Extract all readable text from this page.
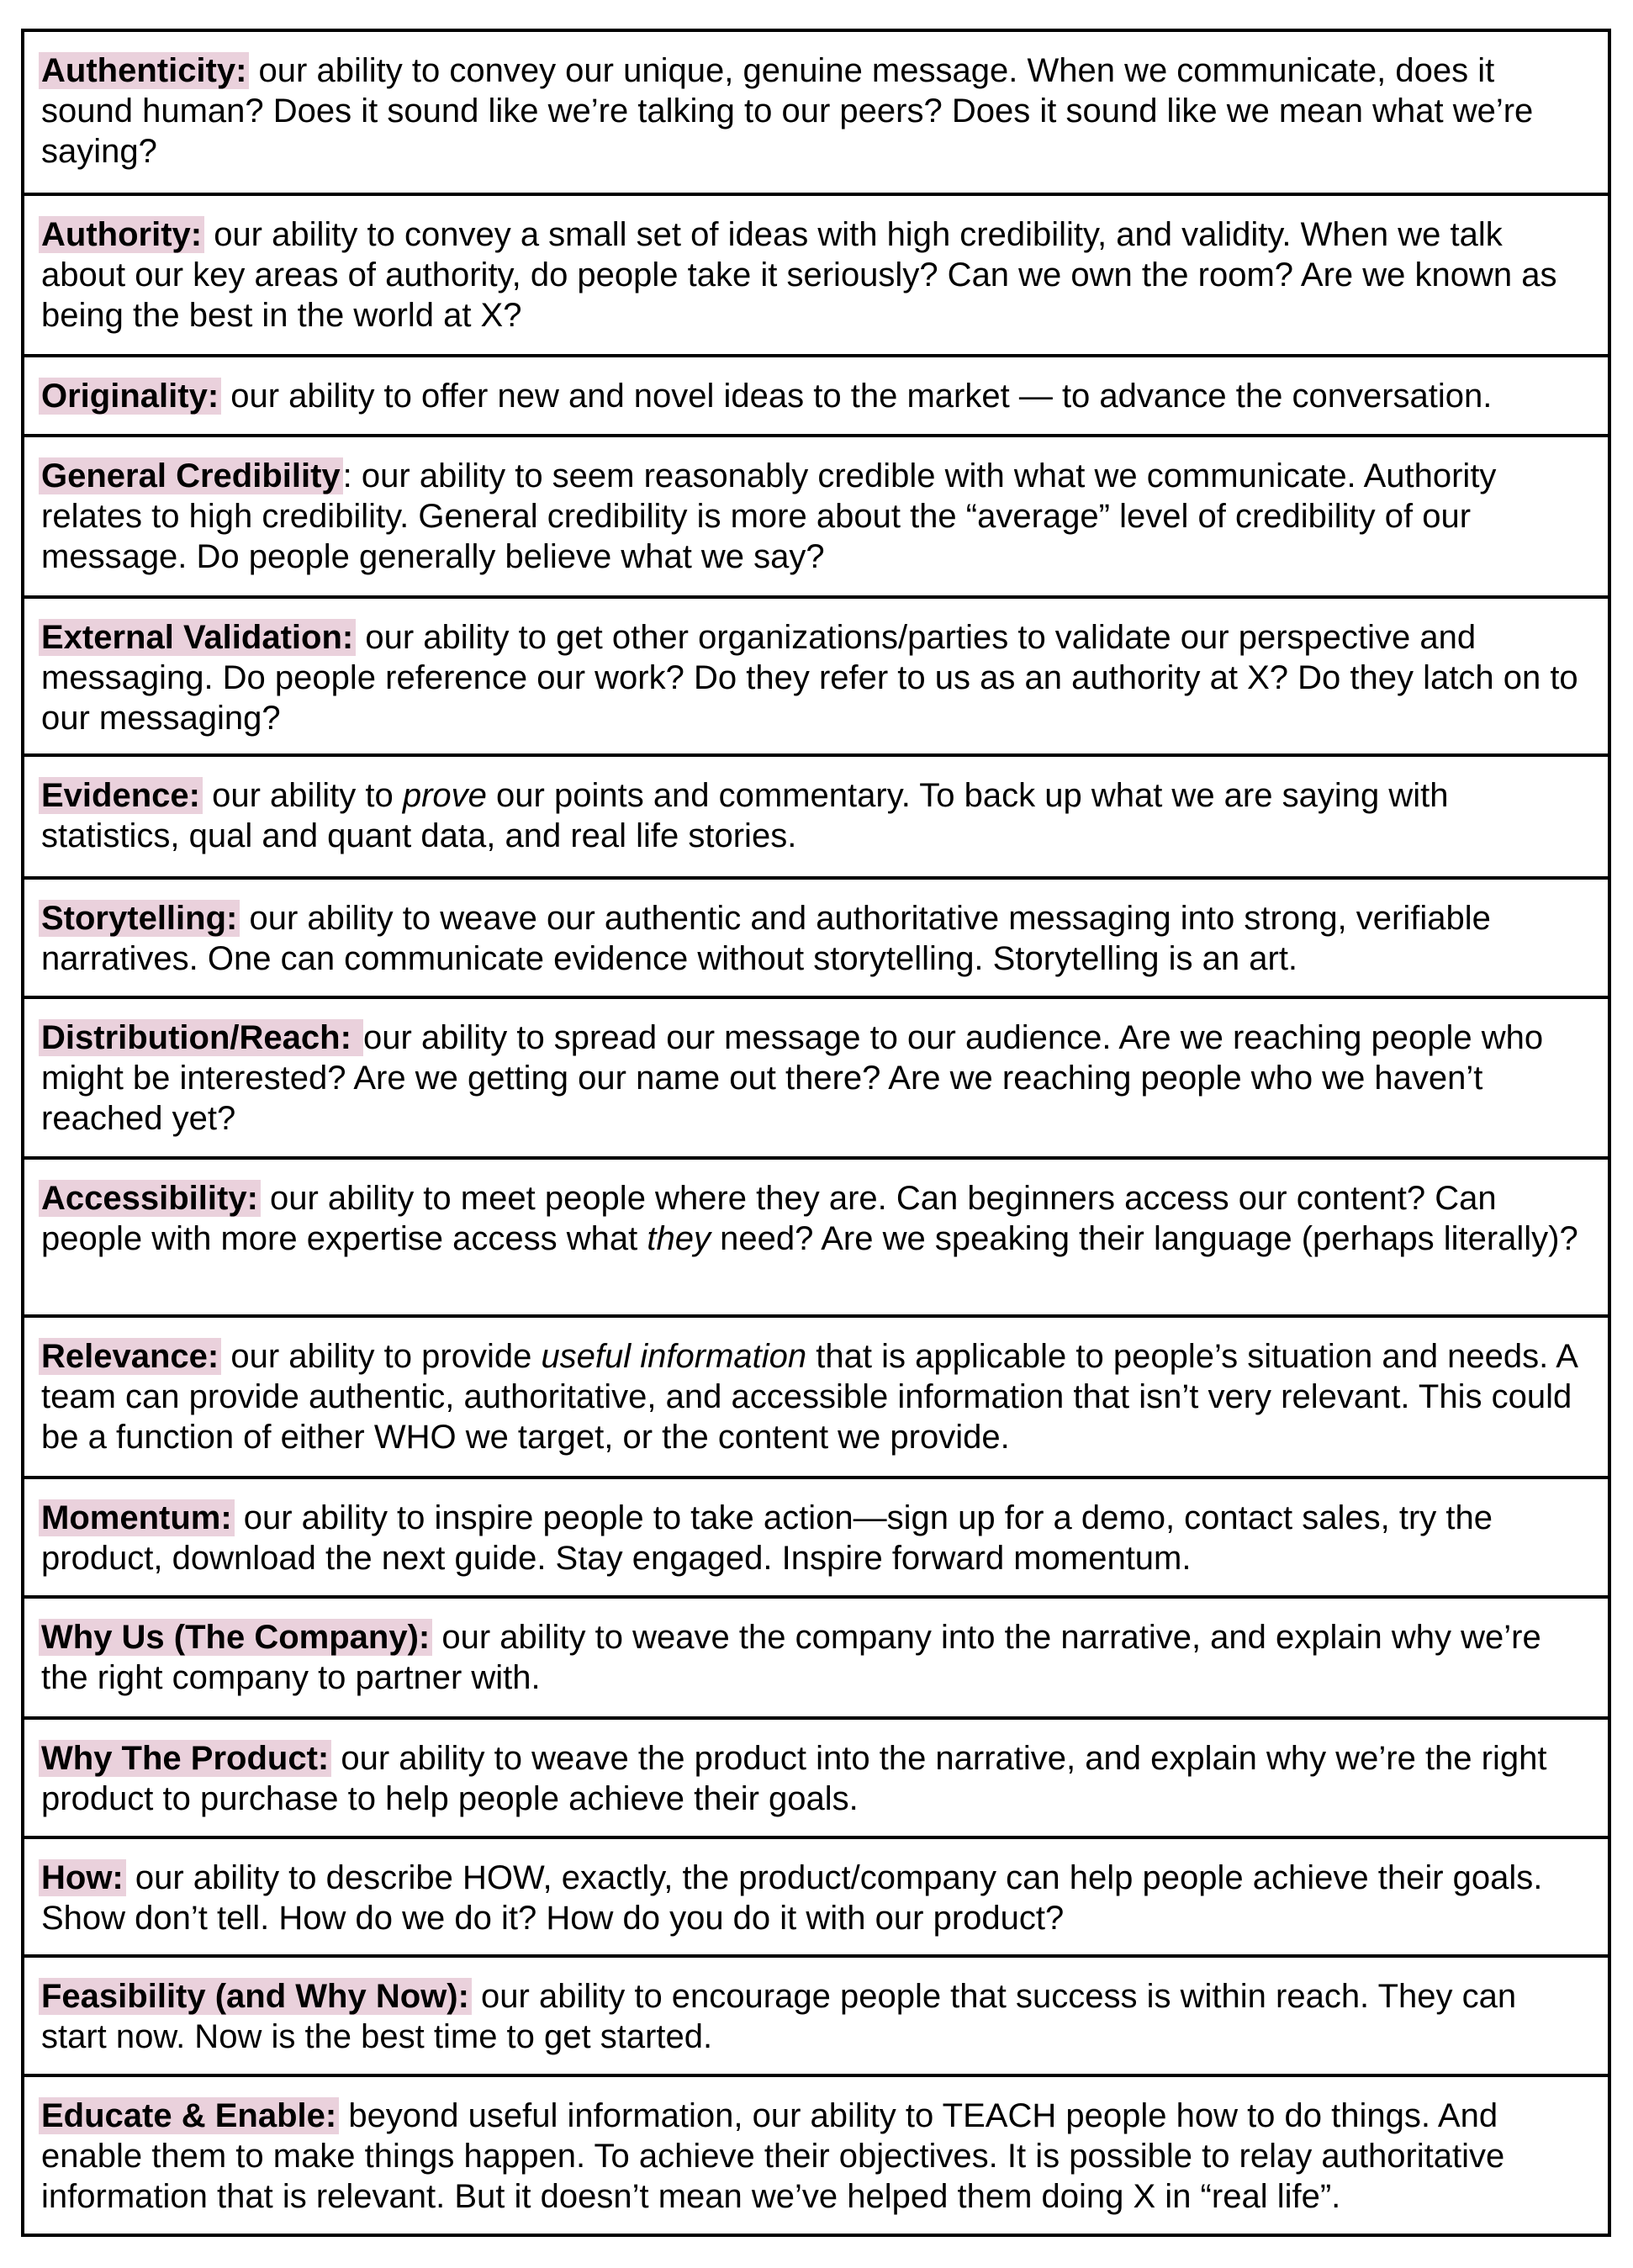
Authenticity: our ability to convey our unique, genuine message. When we communicate, does it sound human? Does it sound like we’re talking to our peers? Does it sound like we mean what we’re saying?
Authority: our ability to convey a small set of ideas with high credibility, and validity. When we talk about our key areas of authority, do people take it seriously? Can we own the room? Are we known as being the best in the world at X?
Originality: our ability to offer new and novel ideas to the market — to advance the conversation.
General Credibility: our ability to seem reasonably credible with what we communicate. Authority relates to high credibility. General credibility is more about the “average” level of credibility of our message. Do people generally believe what we say?
External Validation: our ability to get other organizations/parties to validate our perspective and messaging. Do people reference our work? Do they refer to us as an authority at X? Do they latch on to our messaging?
Evidence: our ability to prove our points and commentary. To back up what we are saying with statistics, qual and quant data, and real life stories.
Storytelling: our ability to weave our authentic and authoritative messaging into strong, verifiable narratives. One can communicate evidence without storytelling. Storytelling is an art.
Distribution/Reach: our ability to spread our message to our audience. Are we reaching people who might be interested? Are we getting our name out there? Are we reaching people who we haven’t reached yet?
Accessibility: our ability to meet people where they are. Can beginners access our content? Can people with more expertise access what they need? Are we speaking their language (perhaps literally)?
Relevance: our ability to provide useful information that is applicable to people’s situation and needs. A team can provide authentic, authoritative, and accessible information that isn’t very relevant. This could be a function of either WHO we target, or the content we provide.
Momentum: our ability to inspire people to take action—sign up for a demo, contact sales, try the product, download the next guide. Stay engaged. Inspire forward momentum.
Why Us (The Company): our ability to weave the company into the narrative, and explain why we’re the right company to partner with.
Why The Product: our ability to weave the product into the narrative, and explain why we’re the right product to purchase to help people achieve their goals.
How: our ability to describe HOW, exactly, the product/company can help people achieve their goals. Show don’t tell. How do we do it? How do you do it with our product?
Feasibility (and Why Now): our ability to encourage people that success is within reach. They can start now. Now is the best time to get started.
Educate & Enable: beyond useful information, our ability to TEACH people how to do things. And enable them to make things happen. To achieve their objectives. It is possible to relay authoritative information that is relevant. But it doesn’t mean we’ve helped them doing X in “real life”.
